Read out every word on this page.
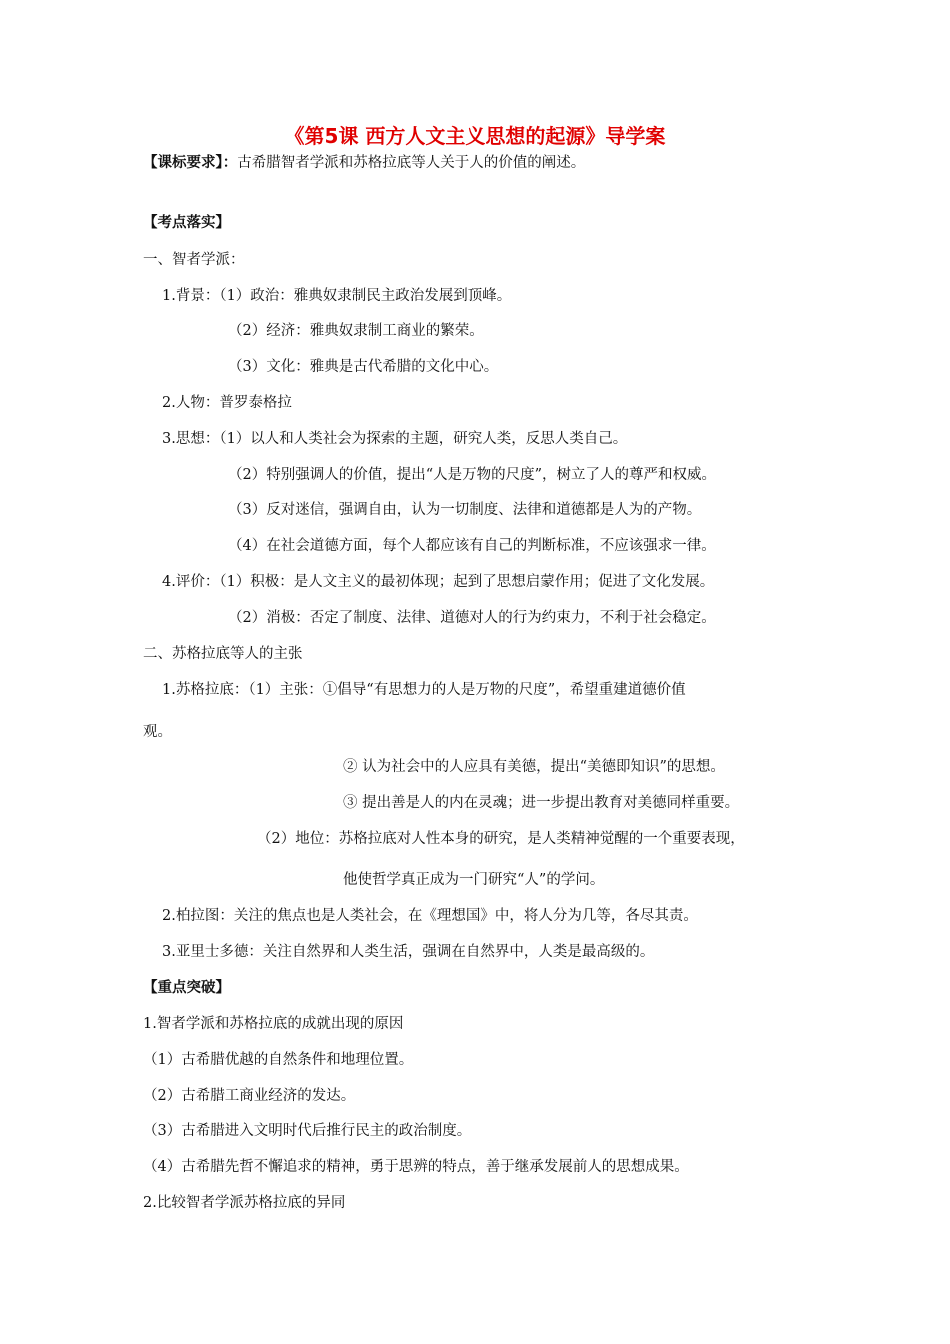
《第5课 西方人文主义思想的起源》导学案
【课标要求】：古希腊智者学派和苏格拉底等人关于人的价值的阐述。
【考点落实】
一、智者学派：
1.背景：（1）政治：雅典奴隶制民主政治发展到顶峰。
（2）经济：雅典奴隶制工商业的繁荣。
（3）文化：雅典是古代希腊的文化中心。
2.人物：普罗泰格拉
3.思想：（1）以人和人类社会为探索的主题，研究人类，反思人类自己。
（2）特别强调人的价值，提出“人是万物的尺度”，树立了人的尊严和权威。
（3）反对迷信，强调自由，认为一切制度、法律和道德都是人为的产物。
（4）在社会道德方面，每个人都应该有自己的判断标准，不应该强求一律。
4.评价：（1）积极：是人文主义的最初体现；起到了思想启蒙作用；促进了文化发展。
（2）消极：否定了制度、法律、道德对人的行为约束力，不利于社会稳定。
二、苏格拉底等人的主张
1.苏格拉底：（1）主张：①倡导“有思想力的人是万物的尺度”，希望重建道德价值
观。
② 认为社会中的人应具有美德，提出“美德即知识”的思想。
③ 提出善是人的内在灵魂；进一步提出教育对美德同样重要。
（2）地位：苏格拉底对人性本身的研究，是人类精神觉醒的一个重要表现，
他使哲学真正成为一门研究“人”的学问。
2.柏拉图：关注的焦点也是人类社会，在《理想国》中，将人分为几等，各尽其责。
3.亚里士多德：关注自然界和人类生活，强调在自然界中，人类是最高级的。
【重点突破】
1.智者学派和苏格拉底的成就出现的原因
（1）古希腊优越的自然条件和地理位置。
（2）古希腊工商业经济的发达。
（3）古希腊进入文明时代后推行民主的政治制度。
（4）古希腊先哲不懈追求的精神，勇于思辨的特点，善于继承发展前人的思想成果。
2.比较智者学派苏格拉底的异同
